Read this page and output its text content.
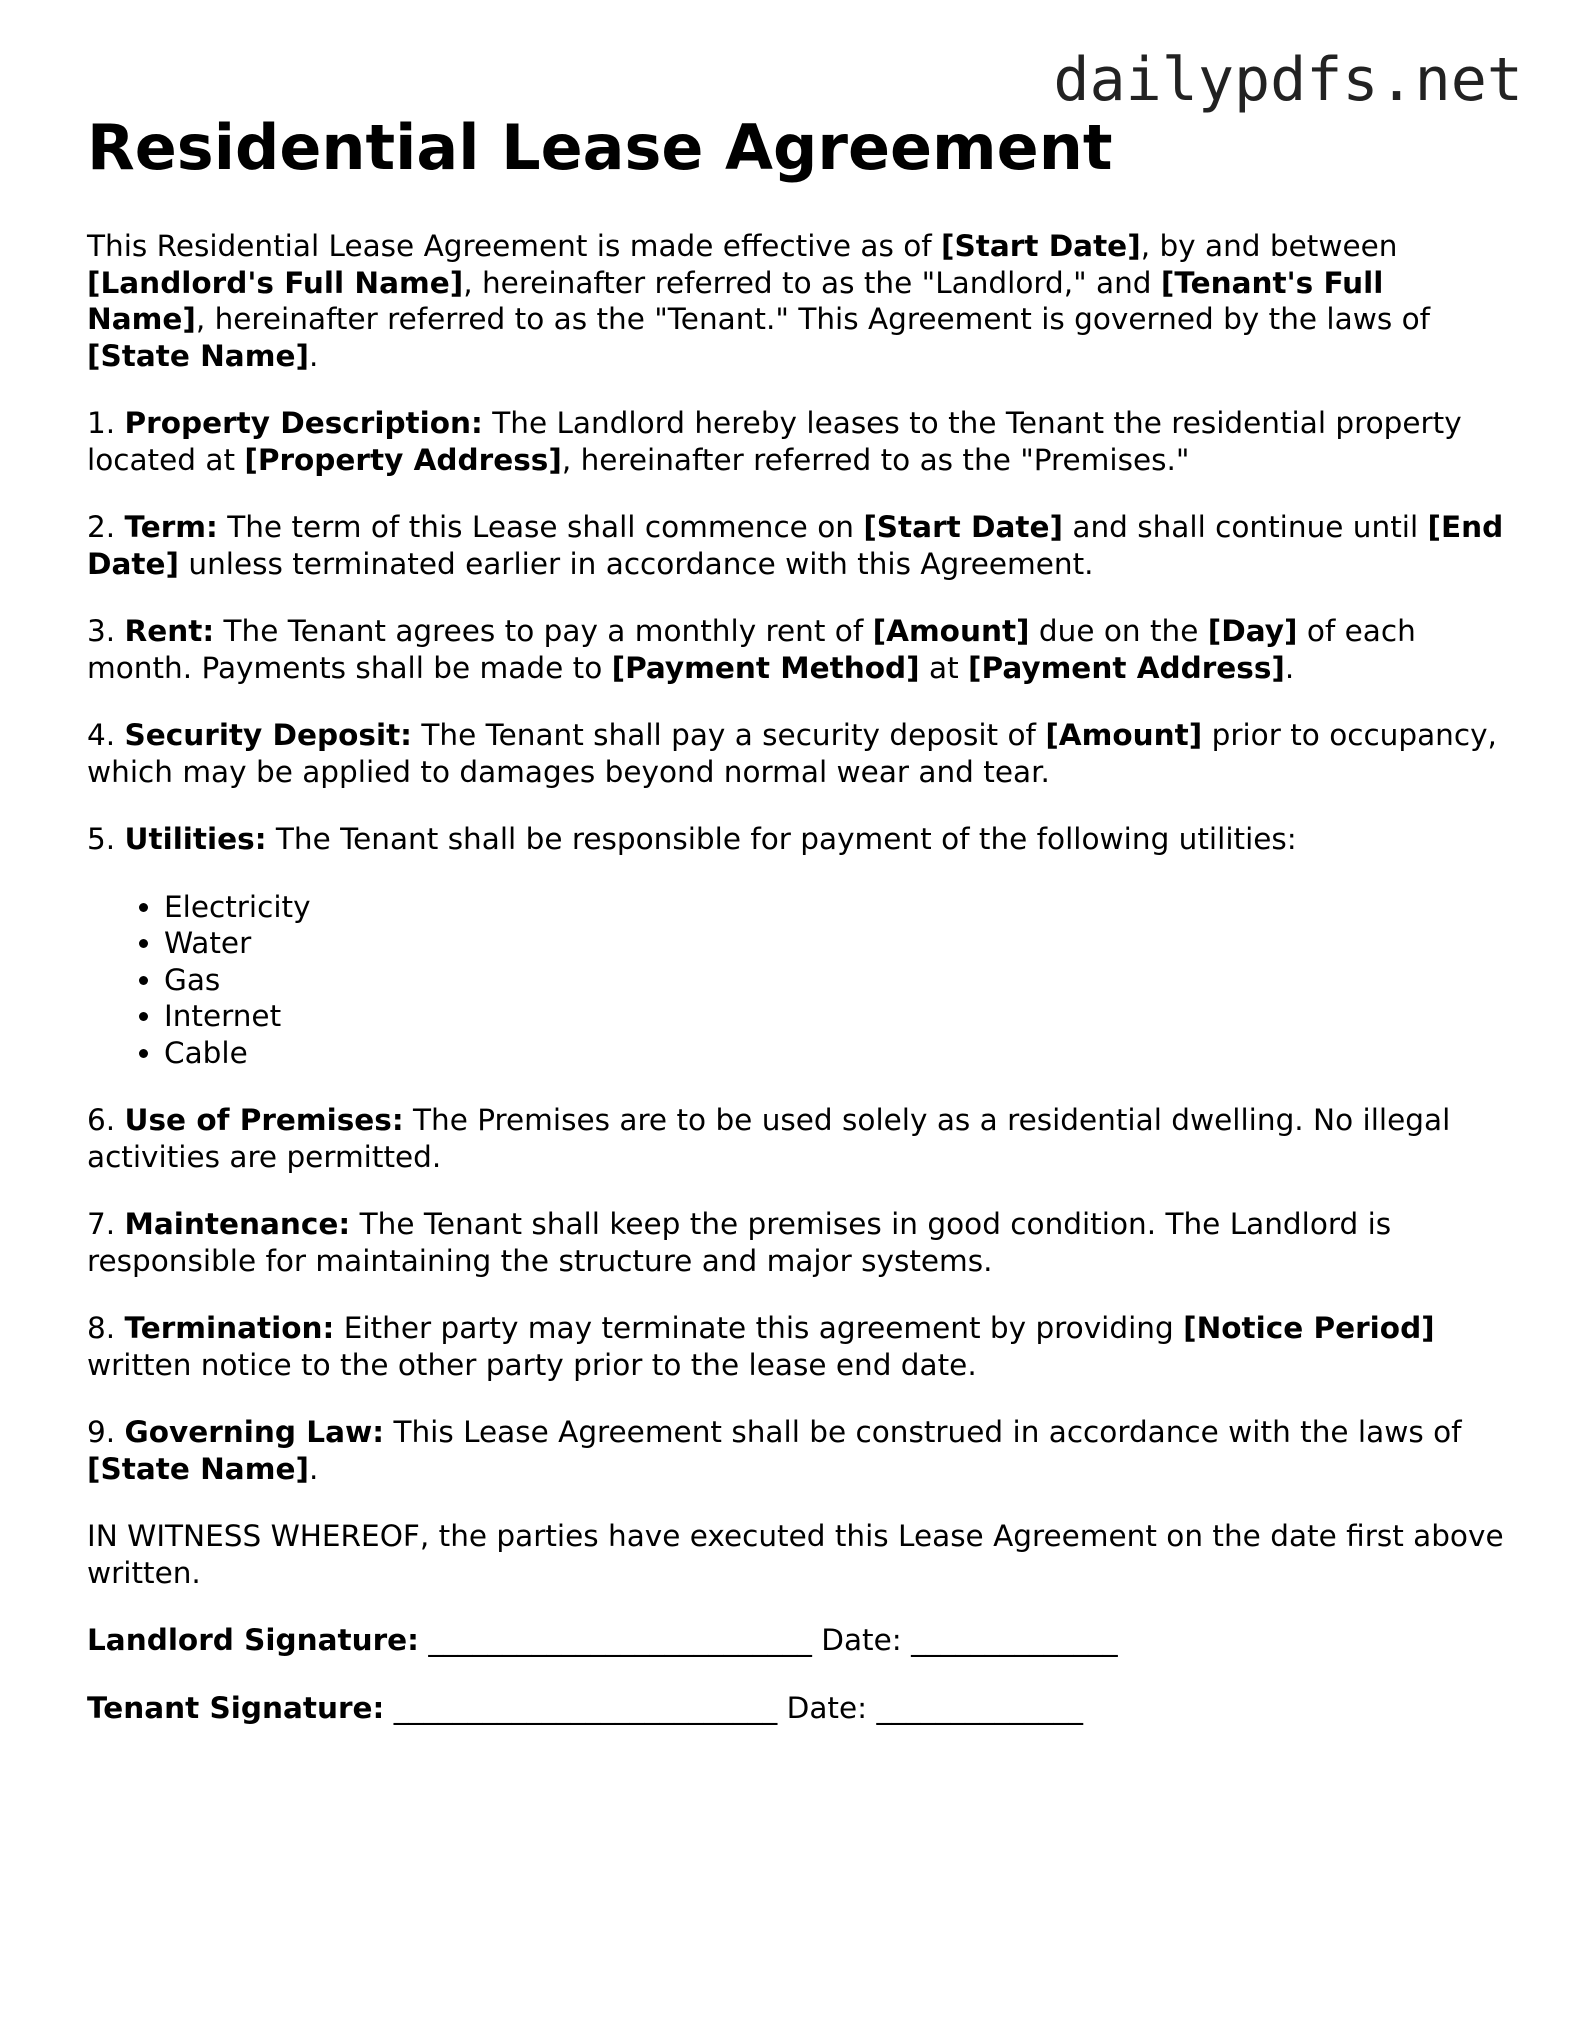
dailypdfs.net
Residential Lease Agreement

This Residential Lease Agreement is made effective as of [Start Date], by and between [Landlord's Full Name], hereinafter referred to as the "Landlord," and [Tenant's Full Name], hereinafter referred to as the "Tenant." This Agreement is governed by the laws of [State Name].

1. Property Description: The Landlord hereby leases to the Tenant the residential property located at [Property Address], hereinafter referred to as the "Premises."

2. Term: The term of this Lease shall commence on [Start Date] and shall continue until [End Date] unless terminated earlier in accordance with this Agreement.

3. Rent: The Tenant agrees to pay a monthly rent of [Amount] due on the [Day] of each month. Payments shall be made to [Payment Method] at [Payment Address].

4. Security Deposit: The Tenant shall pay a security deposit of [Amount] prior to occupancy, which may be applied to damages beyond normal wear and tear.

5. Utilities: The Tenant shall be responsible for payment of the following utilities:

• Electricity
• Water
• Gas
• Internet
• Cable

6. Use of Premises: The Premises are to be used solely as a residential dwelling. No illegal activities are permitted.

7. Maintenance: The Tenant shall keep the premises in good condition. The Landlord is responsible for maintaining the structure and major systems.

8. Termination: Either party may terminate this agreement by providing [Notice Period] written notice to the other party prior to the lease end date.

9. Governing Law: This Lease Agreement shall be construed in accordance with the laws of [State Name].

IN WITNESS WHEREOF, the parties have executed this Lease Agreement on the date first above written.

Landlord Signature: __________________________ Date: ______________
Tenant Signature: __________________________ Date: ______________
